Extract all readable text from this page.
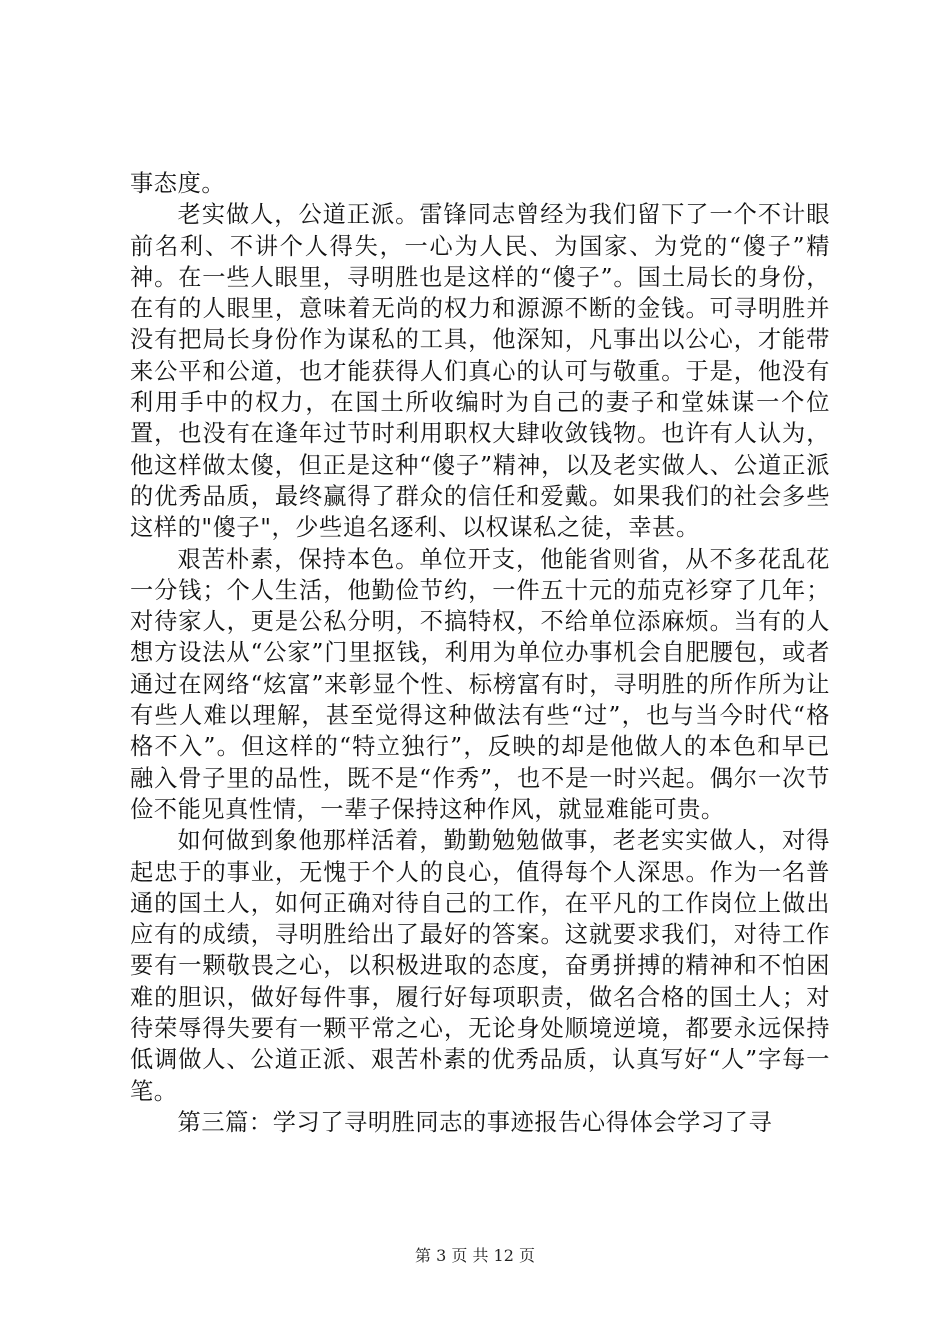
事态度。

老实做人，公道正派。雷锋同志曾经为我们留下了一个不计眼前名利、不讲个人得失，一心为人民、为国家、为党的“傻子”精神。在一些人眼里，寻明胜也是这样的“傻子”。国土局长的身份，在有的人眼里，意味着无尚的权力和源源不断的金钱。可寻明胜并没有把局长身份作为谋私的工具，他深知，凡事出以公心，才能带来公平和公道，也才能获得人们真心的认可与敬重。于是，他没有利用手中的权力，在国土所收编时为自己的妻子和堂妹谋一个位置，也没有在逢年过节时利用职权大肆收敛钱物。也许有人认为，他这样做太傻，但正是这种“傻子”精神，以及老实做人、公道正派的优秀品质，最终赢得了群众的信任和爱戴。如果我们的社会多些这样的"傻子"，少些追名逐利、以权谋私之徒，幸甚。

艰苦朴素，保持本色。单位开支，他能省则省，从不多花乱花一分钱；个人生活，他勤俭节约，一件五十元的茄克衫穿了几年；对待家人，更是公私分明，不搞特权，不给单位添麻烦。当有的人想方设法从“公家”门里抠钱，利用为单位办事机会自肥腰包，或者通过在网络“炫富”来彰显个性、标榜富有时，寻明胜的所作所为让有些人难以理解，甚至觉得这种做法有些“过”，也与当今时代“格格不入”。但这样的“特立独行”，反映的却是他做人的本色和早已融入骨子里的品性，既不是“作秀”，也不是一时兴起。偶尔一次节俭不能见真性情，一辈子保持这种作风，就显难能可贵。

如何做到象他那样活着，勤勤勉勉做事，老老实实做人，对得起忠于的事业，无愧于个人的良心，值得每个人深思。作为一名普通的国土人，如何正确对待自己的工作，在平凡的工作岗位上做出应有的成绩，寻明胜给出了最好的答案。这就要求我们，对待工作要有一颗敬畏之心，以积极进取的态度，奋勇拼搏的精神和不怕困难的胆识，做好每件事，履行好每项职责，做名合格的国土人；对待荣辱得失要有一颗平常之心，无论身处顺境逆境，都要永远保持低调做人、公道正派、艰苦朴素的优秀品质，认真写好“人”字每一笔。

第三篇：学习了寻明胜同志的事迹报告心得体会学习了寻

第 3 页 共 12 页
